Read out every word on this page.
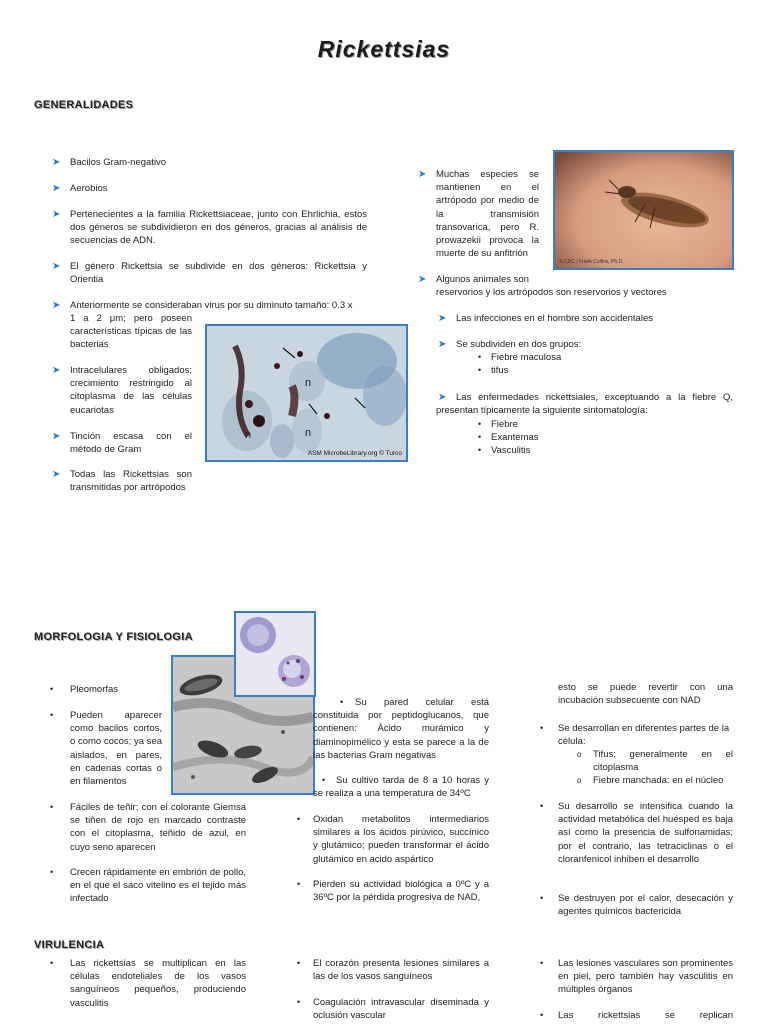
Rickettsias
GENERALIDADES
➤ Bacilos Gram-negativo
➤ Aerobios
➤ Pertenecientes a la familia Rickettsiaceae, junto con Ehrlichia, estos dos géneros se subdividieron en dos géneros, gracias al análisis de secuencias de ADN.
➤ El género Rickettsia se subdivide en dos géneros: Rickettsia y Orientia
➤ Anteriormente se consideraban virus por su diminuto tamaño: 0.3 x
1 a 2 μm; pero poseen características típicas de las bacterias
➤ Intracelulares obligados; crecimiento restringido al citoplasma de las células eucariotas
➤ Tinción escasa con el método de Gram
➤ Todas las Rickettsias son transmitidas por artrópodos
n
n	n
ASM MicrobeLibrary.org © Turco
© CDC / Frank Collins, Ph.D.
➤ Muchas especies se mantienen en el artrópodo por medio de la transmisión transovarica, pero R. prowazekii provoca la muerte de su anfitrión
➤ Algunos animales son
reservorios y los artrópodos son reservorios y vectores
➤ Las infecciones en el hombre son accidentales
➤ Se subdividen en dos grupos:
• Fiebre maculosa
• tifus
➤	Las enfermedades rickettsiales, exceptuando a la fiebre Q, presentan típicamente la siguiente sintomatología:
• Fiebre
• Exantemas
• Vasculitis
MORFOLOGIA Y FISIOLOGIA
• Pleomorfas
• Pueden aparecer como bacilos cortos, o como cocos; ya sea aislados, en pares, en cadenas cortas o en filamentos
• Fáciles de teñir; con el colorante Giemsa se tiñen de rojo en marcado contraste con el citoplasma, teñido de azul, en cuyo seno aparecen
• Crecen rápidamente en embrión de pollo, en el que el saco vitelino es el tejido más infectado
•	Su pared celular está constituida por peptidoglucanos, que contienen: Ácido murámico y diaminopimélico y esta se parece a la de las bacterias Gram negativas
•	Su cultivo tarda de 8 a 10 horas y se realiza a una temperatura de 34ºC
• Oxidan metabolitos intermediarios similares a los ácidos pirúvico, succínico y glutámico; pueden transformar el ácido glutámico en acido aspártico
• Pierden su actividad biológica a 0ºC y a 36ºC por la pérdida progresiva de NAD,
esto se puede revertir con una incubación subsecuente con NAD
• Se desarrollan en diferentes partes de la célula:
o Tifus: generalmente en el citoplasma
o Fiebre manchada: en el núcleo
• Su desarrollo se intensifica cuando la actividad metabólica del huésped es baja así como la presencia de sulfonamidas; por el contrario, las tetraciclinas o el cloranfenicol inhiben el desarrollo
• Se destruyen por el calor, desecación y agentes químicos bactericida
VIRULENCIA
• Las rickettsias se multiplican en las células endoteliales de los vasos sanguíneos pequeños, produciendo vasculitis
• El corazón presenta lesiones similares a las de los vasos sanguíneos
• Coagulación intravascular diseminada y oclusión vascular
• Las lesiones vasculares son prominentes en piel, pero también hay vasculitis en múltiples órganos
• Las rickettsias se replican
